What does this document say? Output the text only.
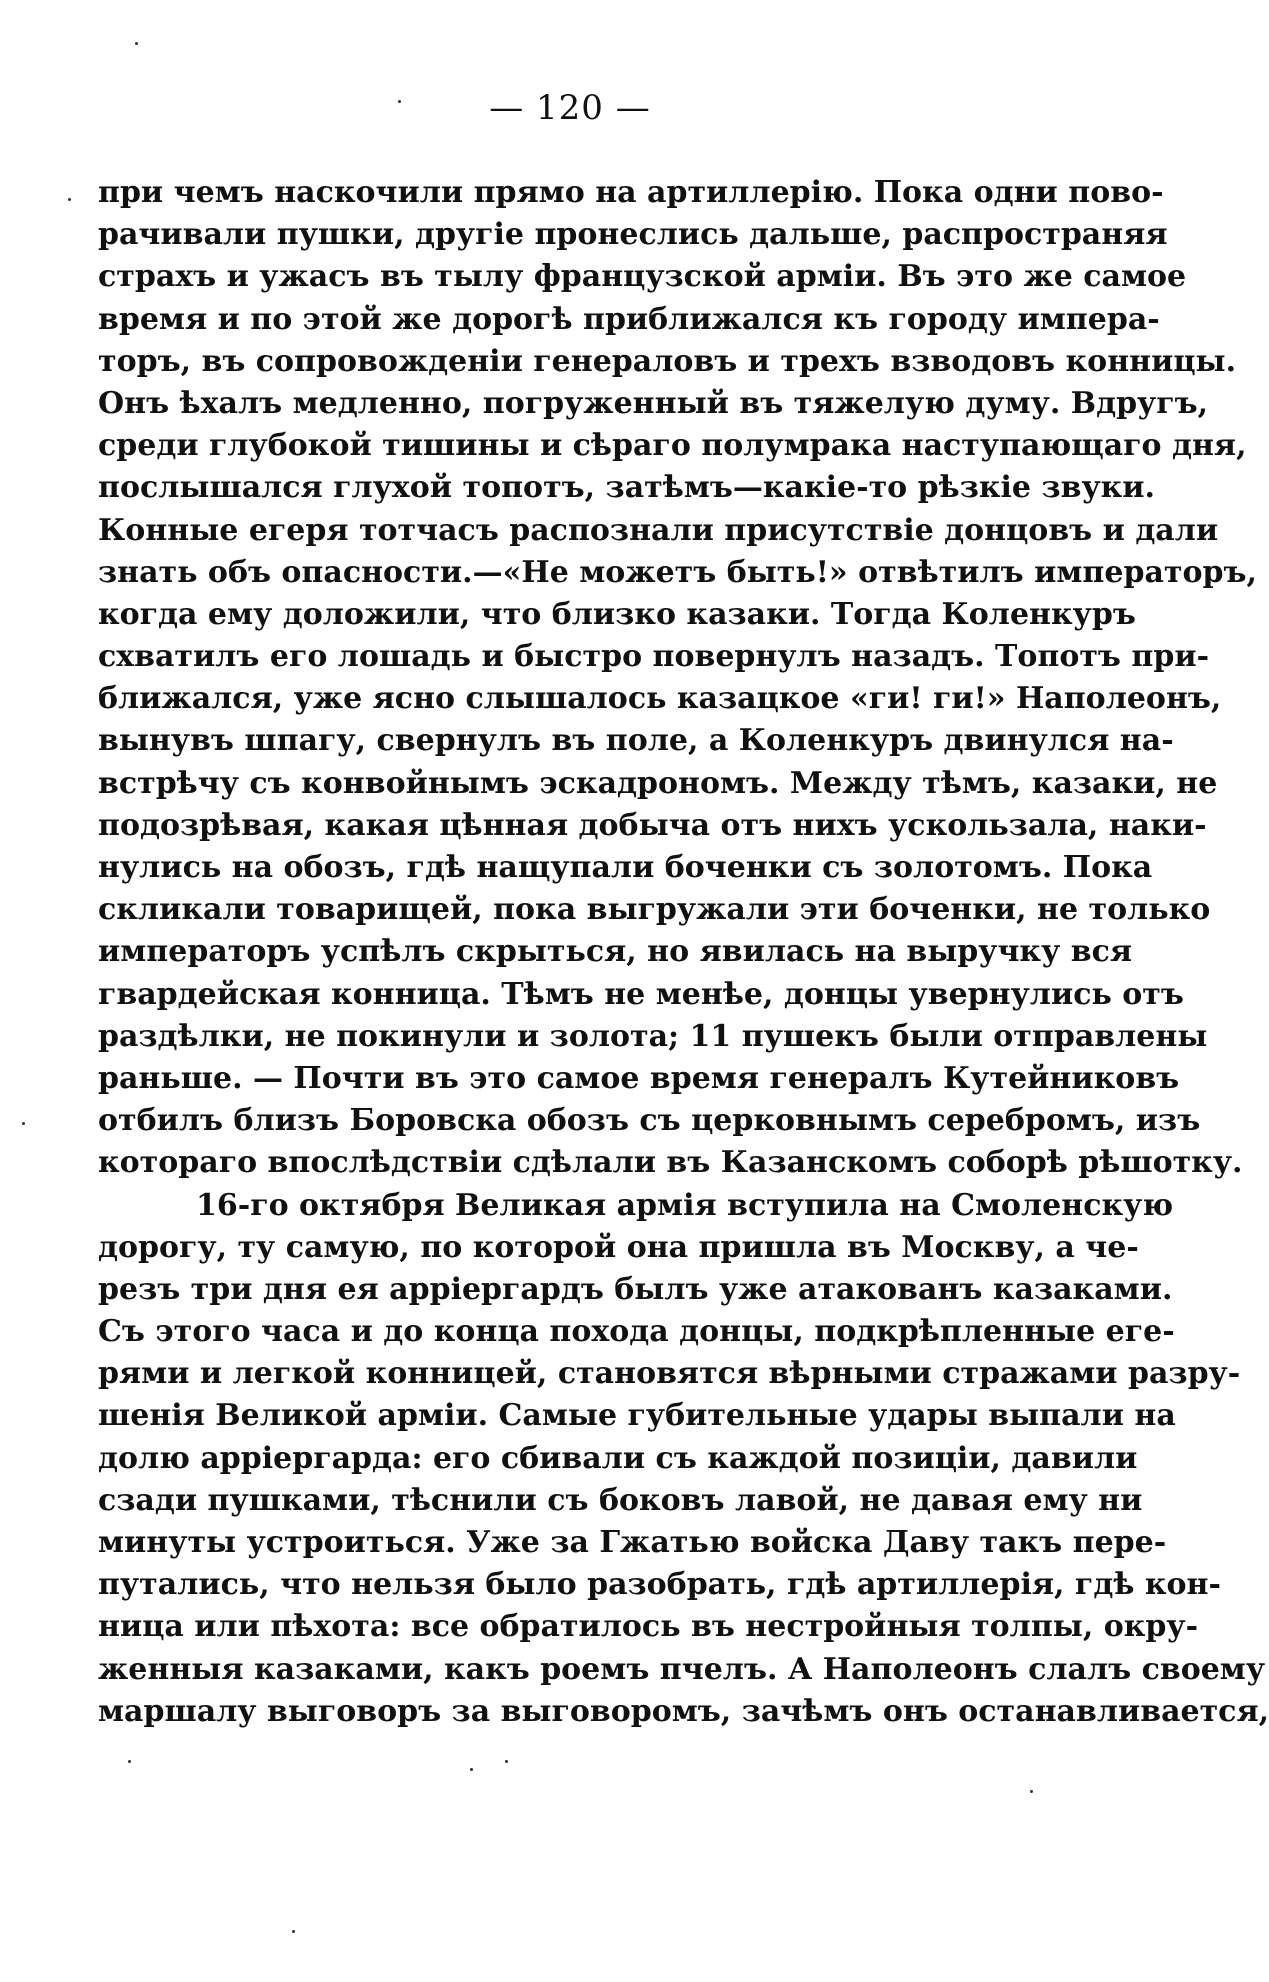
— 120 —
при чемъ наскочили прямо на артиллерію. Пока одни пово-
рачивали пушки, другіе пронеслись дальше, распространяя
страхъ и ужасъ въ тылу французской арміи. Въ это же самое
время и по этой же дорогѣ приближался къ городу импера-
торъ, въ сопровожденіи генераловъ и трехъ взводовъ конницы.
Онъ ѣхалъ медленно, погруженный въ тяжелую думу. Вдругъ,
среди глубокой тишины и сѣраго полумрака наступающаго дня,
послышался глухой топотъ, затѣмъ—какіе-то рѣзкіе звуки.
Конные егеря тотчасъ распознали присутствіе донцовъ и дали
знать объ опасности.—«Не можетъ быть!» отвѣтилъ императоръ,
когда ему доложили, что близко казаки. Тогда Коленкуръ
схватилъ его лошадь и быстро повернулъ назадъ. Топотъ при-
ближался, уже ясно слышалось казацкое «ги! ги!» Наполеонъ,
вынувъ шпагу, свернулъ въ поле, а Коленкуръ двинулся на-
встрѣчу съ конвойнымъ эскадрономъ. Между тѣмъ, казаки, не
подозрѣвая, какая цѣнная добыча отъ нихъ ускользала, наки-
нулись на обозъ, гдѣ нащупали боченки съ золотомъ. Пока
скликали товарищей, пока выгружали эти боченки, не только
императоръ успѣлъ скрыться, но явилась на выручку вся
гвардейская конница. Тѣмъ не менѣе, донцы увернулись отъ
раздѣлки, не покинули и золота; 11 пушекъ были отправлены
раньше. — Почти въ это самое время генералъ Кутейниковъ
отбилъ близъ Боровска обозъ съ церковнымъ серебромъ, изъ
котораго впослѣдствіи сдѣлали въ Казанскомъ соборѣ рѣшотку.
16-го октября Великая армія вступила на Смоленскую
дорогу, ту самую, по которой она пришла въ Москву, а че-
резъ три дня ея арріергардъ былъ уже атакованъ казаками.
Съ этого часа и до конца похода донцы, подкрѣпленные егe-
рями и легкой конницей, становятся вѣрными стражами разру-
шенія Великой арміи. Самые губительные удары выпали на
долю арріергарда: его сбивали съ каждой позиціи, давили
сзади пушками, тѣснили съ боковъ лавой, не давая ему ни
минуты устроиться. Уже за Гжатью войска Даву такъ пере-
путались, что нельзя было разобрать, гдѣ артиллерія, гдѣ кон-
ница или пѣхота: все обратилось въ нестройныя толпы, окру-
женныя казаками, какъ роемъ пчелъ. А Наполеонъ слалъ своему
маршалу выговоръ за выговоромъ, зачѣмъ онъ останавливается,
